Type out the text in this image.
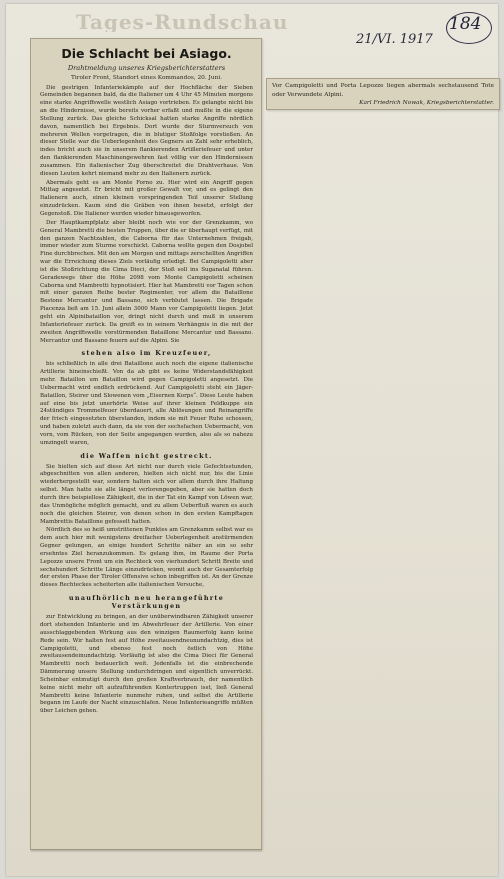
Tages-Rundschau
21/VI. 1917
184
Die Schlacht bei Asiago.
Drahtmeldung unseres Kriegsberichterstatters
Tiroler Front, Standort eines Kommandos, 20. Juni.

Die gestrigen Infanteriekämpfe auf der Hochfläche der Sieben Gemeinden begannen bald, da die Italiener um 4 Uhr 45 Minuten morgens eine starke Angriffswelle westlich Asiago vortrieben. Es gelangte nicht bis an die Hindernisse, wurde bereits vorher erfaßt und mußte in die eigene Stellung zurück. Das gleiche Schicksal hatten starke Angriffe nördlich davon, namentlich bei Ergebnis. Dort wurde der Sturmversuch von mehreren Wellen vorgetragen, die in blutiger Stoßfolge vorstießen. An dieser Stelle war die Ueberlegenheit des Gegners an Zahl sehr erheblich, indes bricht auch sie in unserem flankierenden Artilleriefeuer und unter den flankierenden Maschinengewehren fast völlig vor den Hindernissen zusammen. Ein italienischer Zug überschreitet die Drahtverhaue. Von diesen Leuten kehrt niemand mehr zu den Italienern zurück.

Abermals geht es am Monte Forno zu. Hier wird ein Angriff gegen Mittag angesetzt. Er bricht mit großer Gewalt vor, und es gelingt den Italienern auch, einen kleinen vorspringenden Teil unserer Stellung einzudrücken. Kaum sind die Gräben von ihnen besetzt, erfolgt der Gegenstoß. Die Italiener werden wieder hinausgeworfen.

Der Hauptkampfplatz aber bleibt noch wie vor der Grenzkamm, wo General Mambretti die besten Truppen, über die er überhaupt verfügt, mit den ganzen Nachtzahlen, die Caborna für das Unternehmen freigab, immer wieder zum Sturme vorschickt. Caborna wollte gegen den Dosjobel Fine durchbrechen. Mit den am Morgen und mittags zerschellten Angriffen war die Erreichung dieses Ziels vorläufig erledigt. Bei Campigoletti aber ist die Stoßrichtung die Cima Dieci, der Stoß soll ins Suganatal führen. Geradewegs über die Höhe 2098 vom Monte Campigoletti scheinen Caborna und Mambretti hypnotisiert. Hier hat Mambretti vor Tagen schon mit einer ganzen Reihe bester Regimenter, vor allem die Bataillone Bestone Mercantur und Bassano, sich verblutet lassen. Die Brigade Piacenza ließ am 15. Juni allein 3000 Mann vor Campigoletti liegen. Jetzt geht ein Alpinibataillon vor, dringt nicht durch und muß in unserem Infanteriefeuer zurück. Da greift es in seinem Verhängnis in die mit der zweiten Angriffswelle vorstürmenden Bataillone Mercantur und Bassano. Mercantur und Bassano feuern auf die Alpini. Sie

stehen also im Kreuzfeuer,

bis schließlich in alle drei Bataillone auch noch die eigene italienische Artillerie hineinschießt. Von da ab gibt es keine Widerstandsfähigkeit mehr. Bataillon um Bataillon wird gegen Campigoletti angesetzt. Die Uebermacht wird endlich erdrückend. Auf Campigoletti steht ein Jäger-Bataillon, Steirer und Slowenen vom „Eisernen Korps“. Diese Leute haben auf eine bis jetzt unerhörte Weise auf ihrer kleinen Feldkuppe ein 24stündiges Trommelfeuer überdauert, alle Ablösungen und Reinangriffe der frisch eingesetzten überstanden, indem sie mit Feuer Ruhe schossen, und haben zuletzt auch dann, da sie von der sechsfachen Uebermacht, von vorn, vom Rücken, von der Seite angegangen wurden, also als so nahezu umzingelt waren,

die Waffen nicht gestreckt.

Sie hielten sich auf diese Art nicht nur durch viele Gefechtsstunden, abgeschnitten von allen anderen, hielten sich nicht nur, bis die Linie wiederhergestellt war, sondern halten sich vor allem durch ihre Haltung selbst. Man hatte sie alle längst verlorengegeben, aber sie hatten doch durch ihre beispiellose Zähigkeit, die in der Tat ein Kampf von Löwen war, das Unmögliche möglich gemacht, und zu allem Ueberfluß waren es auch noch die gleichen Steirer, von denen schon in den ersten Kampftagen Mambrettis Bataillone gefesselt hatten.

Nördlich des so heiß umstrittenen Punktes am Grenzkamm selbst war es dem auch hier mit wenigstens dreifacher Ueberlegenheit anstürmenden Gegner gelungen, an einige hundert Schritte näher an ein so sehr ersehntes Ziel heranzukommen. Es gelang ihm, im Raume der Porta Lepozze unsere Front um ein Rechteck von vierhundert Schritt Breite und sechshundert Schritte Länge einzudrücken, womit auch der Gesamterfolg der ersten Phase der Tiroler Offensive schon inbegriffen ist. An der Grenze dieses Rechteckes scheiterten alle italienischen Versuche,

unaufhörlich neu herangeführte Verstärkungen

zur Entwicklung zu bringen, an der unüberwindbaren Zähigkeit unserer dort stehenden Infanterie und im Abwehrfeuer der Artillerie. Von einer ausschlaggebenden Wirkung aus den winzigen Raumerfolg kann keine Rede sein. Wir halten fest auf Höhe zweitausendneunundachtzig, dies ist Campigoletti, und ebenso fest noch östlich von Höhe zweitausendeinundachtzig. Vorläufig ist also die Cima Dieci für General Mambretti noch bedauerlich weit. Jedenfalls ist die einbrechende Dämmerung unsere Stellung undurchdringen und eigentlich unverrückt. Scheinbar entmutigt durch den großen Kraftverbrauch, der namentlich keine nicht mehr oft aufzuführenden Kontertruppen isst, ließ General Mambretti keine Infanterie nunmehr ruhen, und selbst die Artillerie begann im Laufe der Nacht einzuschlafen. Neue Infanterieangriffe müßten über Leichen gehen.

Vor Campigoletti und Porta Lepozze liegen abermals sechstausend Tote oder Verwundete Alpini.
Karl Friedrich Nowak, Kriegsberichterstatter.
